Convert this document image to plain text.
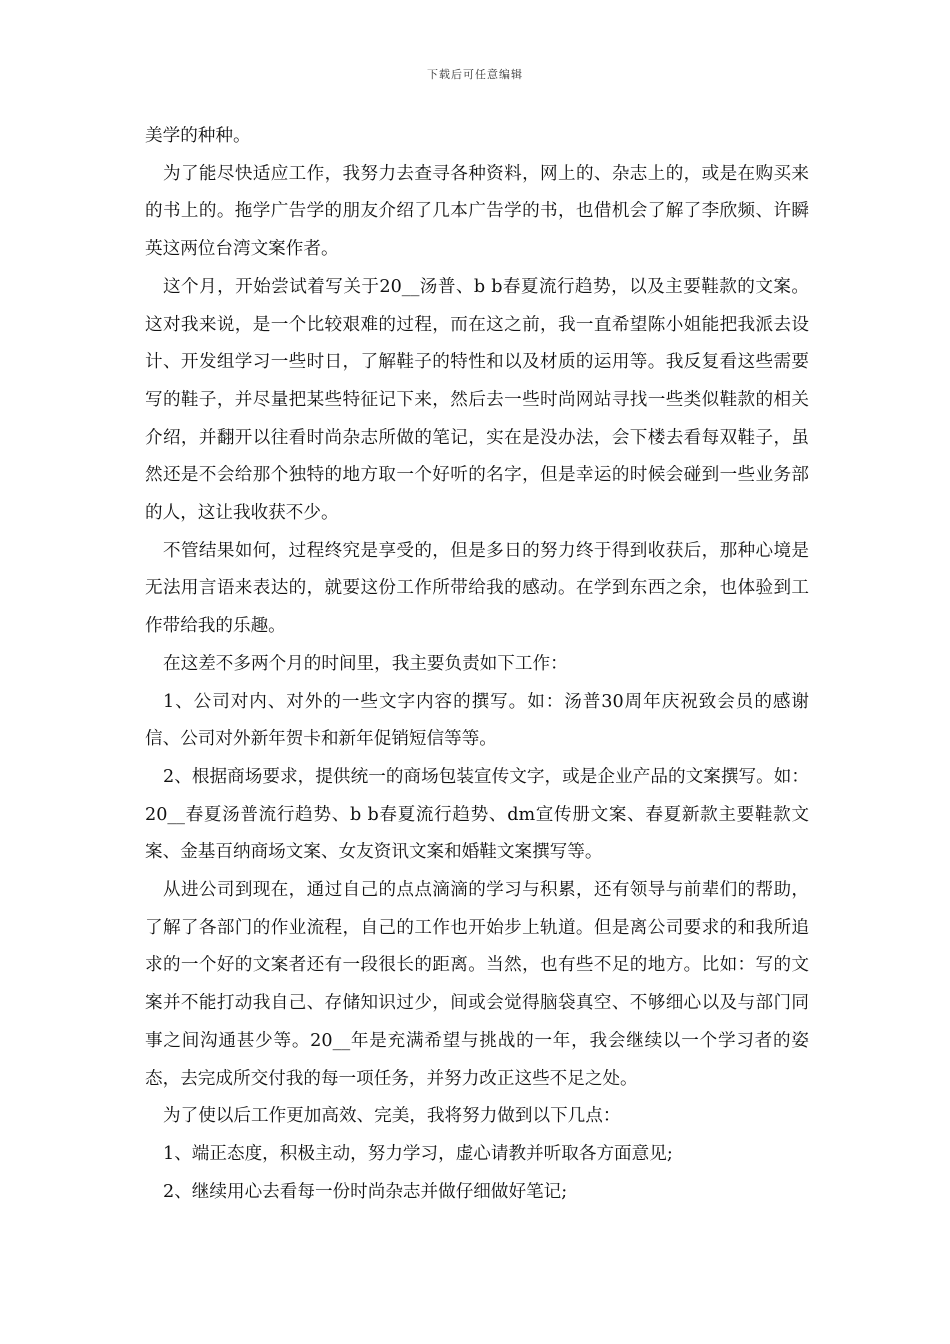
下载后可任意编辑

美学的种种。

为了能尽快适应工作，我努力去查寻各种资料，网上的、杂志上的，或是在购买来的书上的。拖学广告学的朋友介绍了几本广告学的书，也借机会了解了李欣频、许瞬英这两位台湾文案作者。

这个月，开始尝试着写关于20__汤普、b b春夏流行趋势，以及主要鞋款的文案。这对我来说，是一个比较艰难的过程，而在这之前，我一直希望陈小姐能把我派去设计、开发组学习一些时日，了解鞋子的特性和以及材质的运用等。我反复看这些需要写的鞋子，并尽量把某些特征记下来，然后去一些时尚网站寻找一些类似鞋款的相关介绍，并翻开以往看时尚杂志所做的笔记，实在是没办法，会下楼去看每双鞋子，虽然还是不会给那个独特的地方取一个好听的名字，但是幸运的时候会碰到一些业务部的人，这让我收获不少。

不管结果如何，过程终究是享受的，但是多日的努力终于得到收获后，那种心境是无法用言语来表达的，就要这份工作所带给我的感动。在学到东西之余，也体验到工作带给我的乐趣。

在这差不多两个月的时间里，我主要负责如下工作：

1、公司对内、对外的一些文字内容的撰写。如：汤普30周年庆祝致会员的感谢信、公司对外新年贺卡和新年促销短信等等。

2、根据商场要求，提供统一的商场包装宣传文字，或是企业产品的文案撰写。如：20__春夏汤普流行趋势、b b春夏流行趋势、dm宣传册文案、春夏新款主要鞋款文案、金基百纳商场文案、女友资讯文案和婚鞋文案撰写等。

从进公司到现在，通过自己的点点滴滴的学习与积累，还有领导与前辈们的帮助，了解了各部门的作业流程，自己的工作也开始步上轨道。但是离公司要求的和我所追求的一个好的文案者还有一段很长的距离。当然，也有些不足的地方。比如：写的文案并不能打动我自己、存储知识过少，间或会觉得脑袋真空、不够细心以及与部门同事之间沟通甚少等。20__年是充满希望与挑战的一年，我会继续以一个学习者的姿态，去完成所交付我的每一项任务，并努力改正这些不足之处。

为了使以后工作更加高效、完美，我将努力做到以下几点：

1、端正态度，积极主动，努力学习，虚心请教并听取各方面意见;

2、继续用心去看每一份时尚杂志并做仔细做好笔记;
